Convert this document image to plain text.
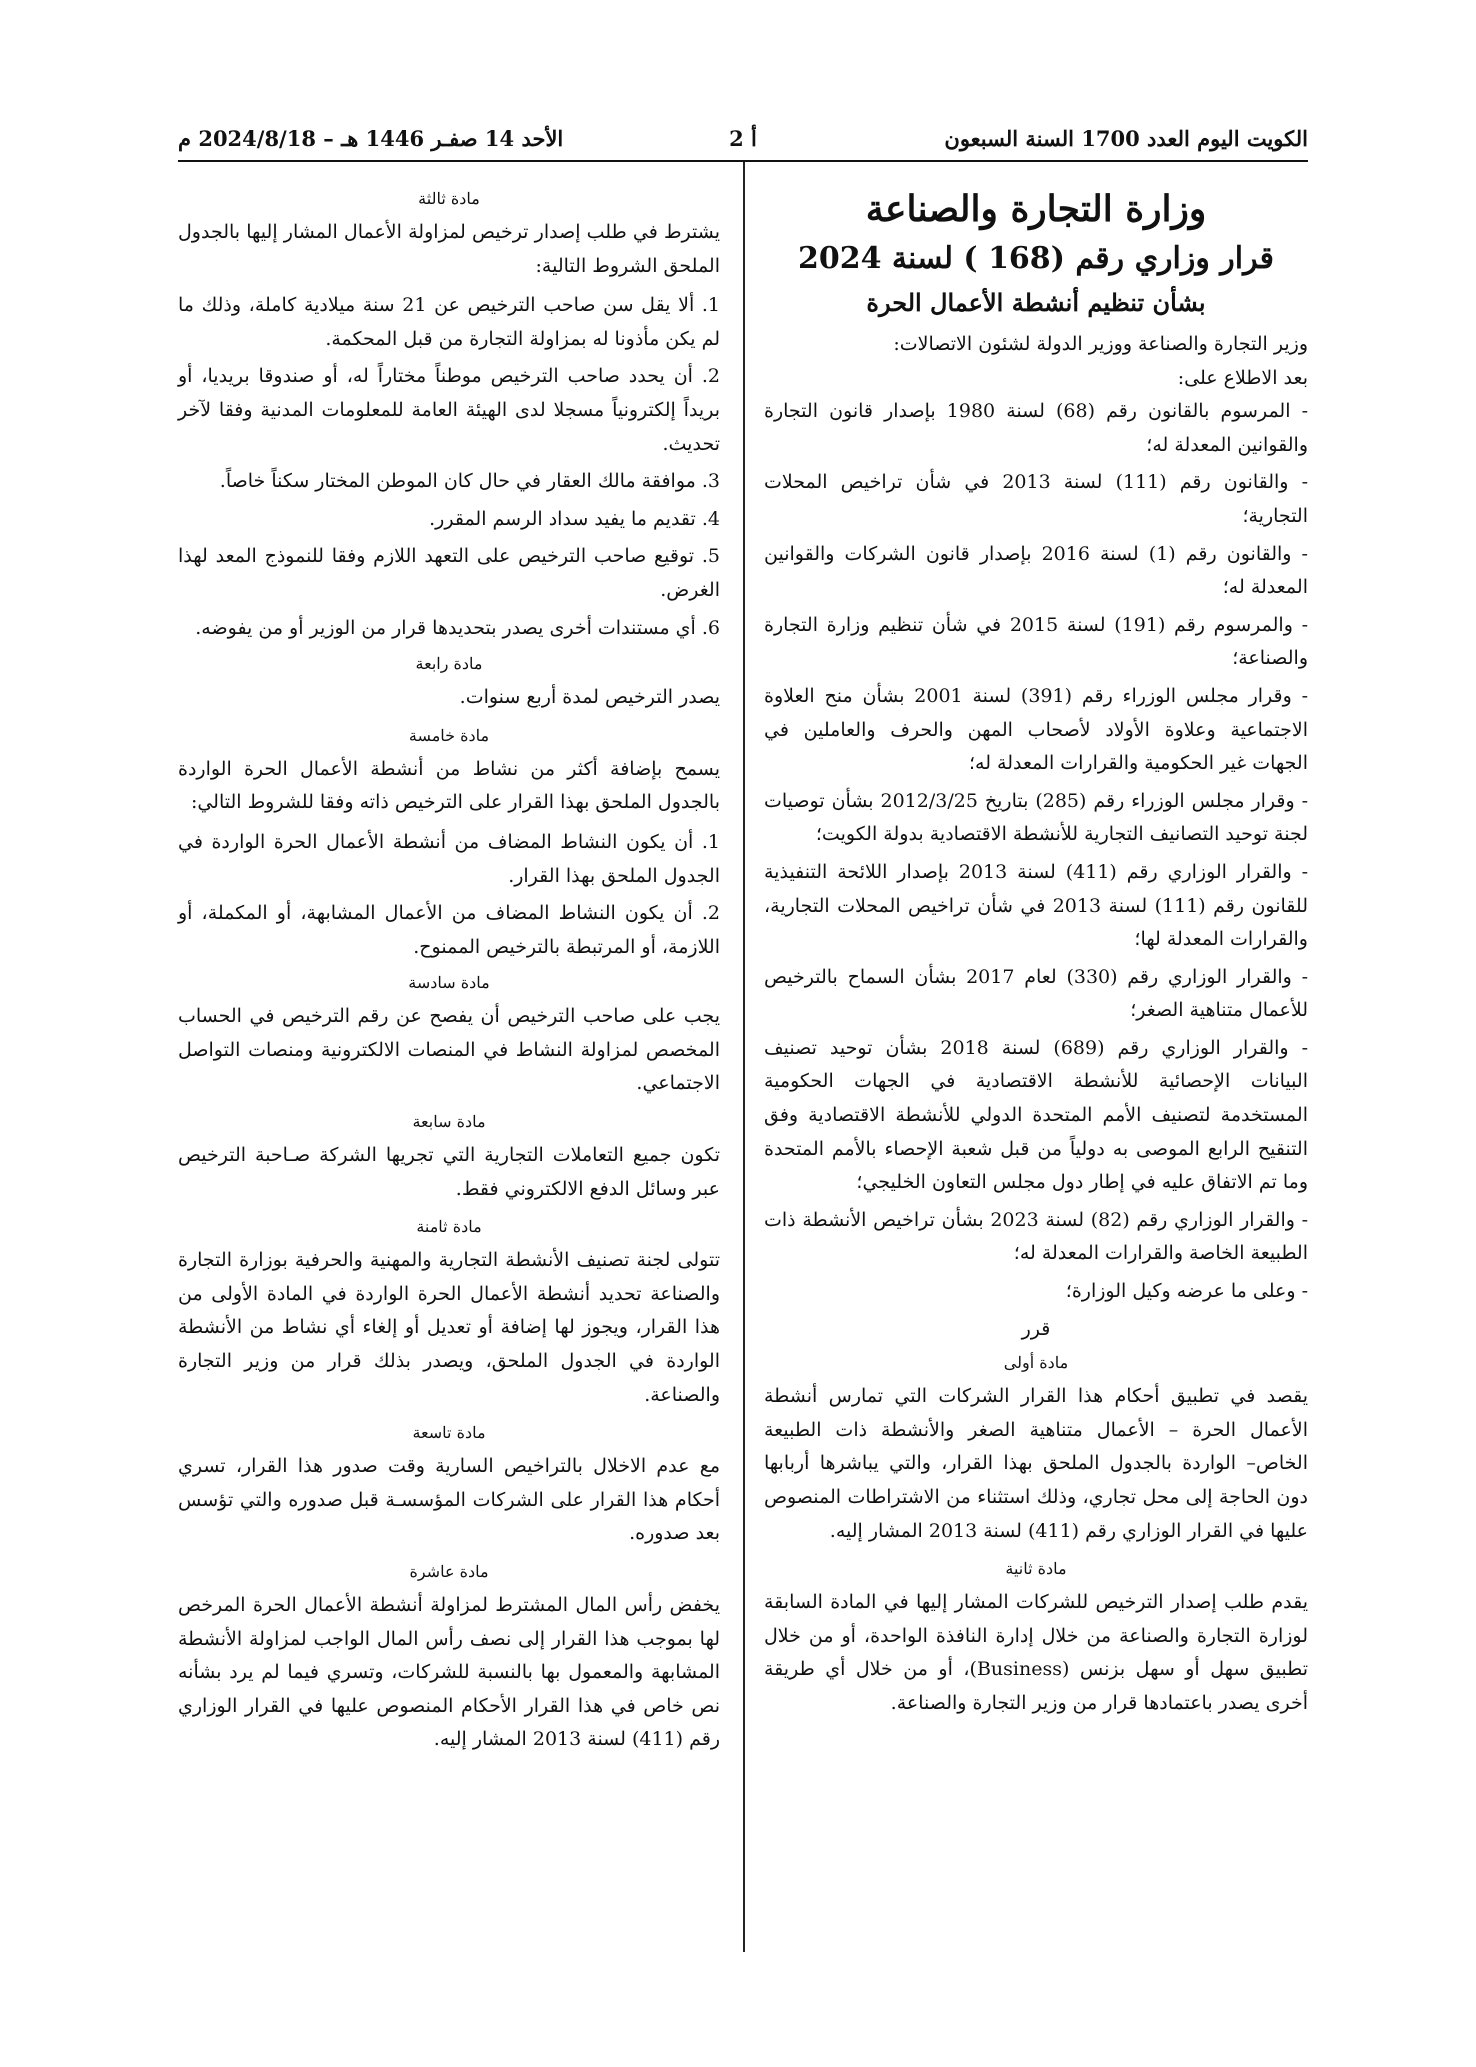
الكويت اليوم العدد 1700 السنة السبعون
أ 2
الأحد 14 صفـر 1446 هـ – 2024/8/18 م
وزارة التجارة والصناعة
قرار وزاري رقم (168 ) لسنة 2024
بشأن تنظيم أنشطة الأعمال الحرة

وزير التجارة والصناعة ووزير الدولة لشئون الاتصالات:

بعد الاطلاع على:

- المرسوم بالقانون رقم (68) لسنة 1980 بإصدار قانون التجارة والقوانين المعدلة له؛

- والقانون رقم (111) لسنة 2013 في شأن تراخيص المحلات التجارية؛

- والقانون رقم (1) لسنة 2016 بإصدار قانون الشركات والقوانين المعدلة له؛

- والمرسوم رقم (191) لسنة 2015 في شأن تنظيم وزارة التجارة والصناعة؛

- وقرار مجلس الوزراء رقم (391) لسنة 2001 بشأن منح العلاوة الاجتماعية وعلاوة الأولاد لأصحاب المهن والحرف والعاملين في الجهات غير الحكومية والقرارات المعدلة له؛

- وقرار مجلس الوزراء رقم (285) بتاريخ 2012/3/25 بشأن توصيات لجنة توحيد التصانيف التجارية للأنشطة الاقتصادية بدولة الكويت؛

- والقرار الوزاري رقم (411) لسنة 2013 بإصدار اللائحة التنفيذية للقانون رقم (111) لسنة 2013 في شأن تراخيص المحلات التجارية، والقرارات المعدلة لها؛

- والقرار الوزاري رقم (330) لعام 2017 بشأن السماح بالترخيص للأعمال متناهية الصغر؛

- والقرار الوزاري رقم (689) لسنة 2018 بشأن توحيد تصنيف البيانات الإحصائية للأنشطة الاقتصادية في الجهات الحكومية المستخدمة لتصنيف الأمم المتحدة الدولي للأنشطة الاقتصادية وفق التنقيح الرابع الموصى به دولياً من قبل شعبة الإحصاء بالأمم المتحدة وما تم الاتفاق عليه في إطار دول مجلس التعاون الخليجي؛

- والقرار الوزاري رقم (82) لسنة 2023 بشأن تراخيص الأنشطة ذات الطبيعة الخاصة والقرارات المعدلة له؛

- وعلى ما عرضه وكيل الوزارة؛

قرر

مادة أولى

يقصد في تطبيق أحكام هذا القرار الشركات التي تمارس أنشطة الأعمال الحرة – الأعمال متناهية الصغر والأنشطة ذات الطبيعة الخاص– الواردة بالجدول الملحق بهذا القرار، والتي يباشرها أربابها دون الحاجة إلى محل تجاري، وذلك استثناء من الاشتراطات المنصوص عليها في القرار الوزاري رقم (411) لسنة 2013 المشار إليه.

مادة ثانية

يقدم طلب إصدار الترخيص للشركات المشار إليها في المادة السابقة لوزارة التجارة والصناعة من خلال إدارة النافذة الواحدة، أو من خلال تطبيق سهل أو سهل بزنس (Business)، أو من خلال أي طريقة أخرى يصدر باعتمادها قرار من وزير التجارة والصناعة.

مادة ثالثة

يشترط في طلب إصدار ترخيص لمزاولة الأعمال المشار إليها بالجدول الملحق الشروط التالية:

1. ألا يقل سن صاحب الترخيص عن 21 سنة ميلادية كاملة، وذلك ما لم يكن مأذونا له بمزاولة التجارة من قبل المحكمة.

2. أن يحدد صاحب الترخيص موطناً مختاراً له، أو صندوقا بريديا، أو بريداً إلكترونياً مسجلا لدى الهيئة العامة للمعلومات المدنية وفقا لآخر تحديث.

3. موافقة مالك العقار في حال كان الموطن المختار سكناً خاصاً.

4. تقديم ما يفيد سداد الرسم المقرر.

5. توقيع صاحب الترخيص على التعهد اللازم وفقا للنموذج المعد لهذا الغرض.

6. أي مستندات أخرى يصدر بتحديدها قرار من الوزير أو من يفوضه.

مادة رابعة

يصدر الترخيص لمدة أربع سنوات.

مادة خامسة

يسمح بإضافة أكثر من نشاط من أنشطة الأعمال الحرة الواردة بالجدول الملحق بهذا القرار على الترخيص ذاته وفقا للشروط التالي:

1. أن يكون النشاط المضاف من أنشطة الأعمال الحرة الواردة في الجدول الملحق بهذا القرار.

2. أن يكون النشاط المضاف من الأعمال المشابهة، أو المكملة، أو اللازمة، أو المرتبطة بالترخيص الممنوح.

مادة سادسة

يجب على صاحب الترخيص أن يفصح عن رقم الترخيص في الحساب المخصص لمزاولة النشاط في المنصات الالكترونية ومنصات التواصل الاجتماعي.

مادة سابعة

تكون جميع التعاملات التجارية التي تجريها الشركة صـاحبة الترخيص عبر وسائل الدفع الالكتروني فقط.

مادة ثامنة

تتولى لجنة تصنيف الأنشطة التجارية والمهنية والحرفية بوزارة التجارة والصناعة تحديد أنشطة الأعمال الحرة الواردة في المادة الأولى من هذا القرار، ويجوز لها إضافة أو تعديل أو إلغاء أي نشاط من الأنشطة الواردة في الجدول الملحق، ويصدر بذلك قرار من وزير التجارة والصناعة.

مادة تاسعة

مع عدم الاخلال بالتراخيص السارية وقت صدور هذا القرار، تسري أحكام هذا القرار على الشركات المؤسسـة قبل صدوره والتي تؤسس بعد صدوره.

مادة عاشرة

يخفض رأس المال المشترط لمزاولة أنشطة الأعمال الحرة المرخص لها بموجب هذا القرار إلى نصف رأس المال الواجب لمزاولة الأنشطة المشابهة والمعمول بها بالنسبة للشركات، وتسري فيما لم يرد بشأنه نص خاص في هذا القرار الأحكام المنصوص عليها في القرار الوزاري رقم (411) لسنة 2013 المشار إليه.
